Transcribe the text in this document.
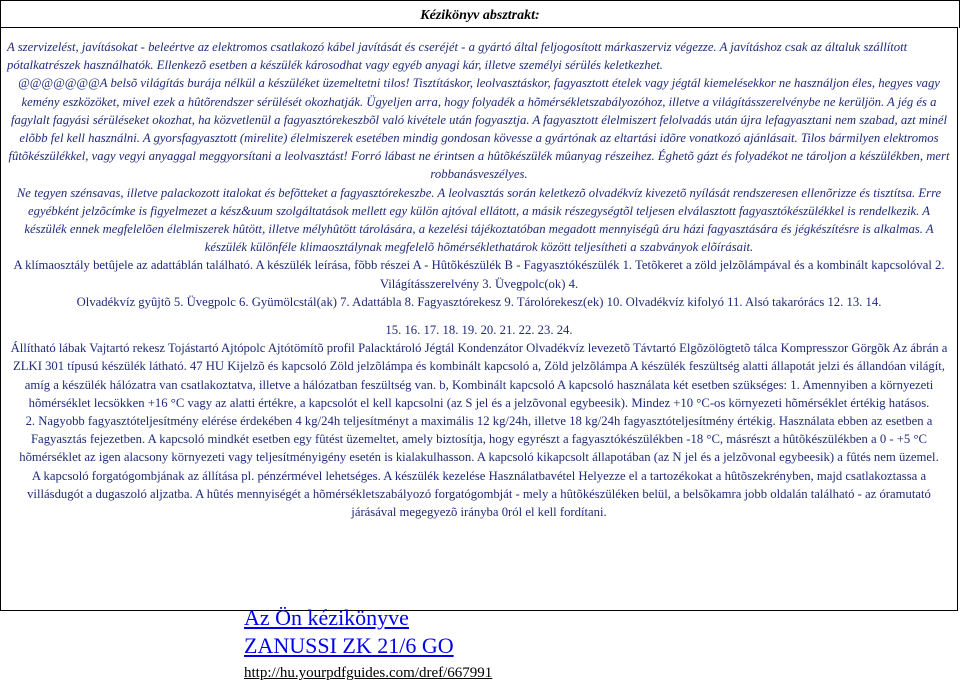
Kézikönyv absztrakt:

A szervizelést, javításokat - beleértve az elektromos csatlakozó kábel javítását és cseréjét - a gyártó által feljogosított márkaszerviz végezze. A javításhoz csak az általuk szállított pótalkatrészek használhatók. Ellenkezõ esetben a készülék károsodhat vagy egyéb anyagi kár, illetve személyi sérülés keletkezhet.

@@@@@@@A belsõ világítás burája nélkül a készüléket üzemeltetni tilos! Tisztításkor, leolvasztáskor, fagyasztott ételek vagy jégtál kiemelésekkor ne használjon éles, hegyes vagy kemény eszközöket, mivel ezek a hûtõrendszer sérülését okozhatják. Ügyeljen arra, hogy folyadék a hõmérsékletszabályozóhoz, illetve a világításszerelvénybe ne kerüljön. A jég és a fagylalt fagyási sérüléseket okozhat, ha közvetlenül a fagyasztórekeszbõl való kivétele után fogyasztja. A fagyasztott élelmiszert felolvadás után újra lefagyasztani nem szabad, azt minél elõbb fel kell használni. A gyorsfagyasztott (mirelite) élelmiszerek esetében mindig gondosan kövesse a gyártónak az eltartási idõre vonatkozó ajánlásait. Tilos bármilyen elektromos fûtõkészülékkel, vagy vegyi anyaggal meggyorsítani a leolvasztást! Forró lábast ne érintsen a hûtõkészülék mûanyag részeihez. Éghetõ gázt és folyadékot ne tároljon a készülékben, mert robbanásveszélyes.

Ne tegyen szénsavas, illetve palackozott italokat és befõtteket a fagyasztórekeszbe. A leolvasztás során keletkezõ olvadékvíz kivezetõ nyílását rendszeresen ellenõrizze és tisztítsa. Erre egyébként jelzõcímke is figyelmezet a kész&uum szolgáltatások mellett egy külön ajtóval ellátott, a másik részegységtõl teljesen elválasztott fagyasztókészülékkel is rendelkezik. A készülék ennek megfelelõen élelmiszerek hûtött, illetve mélyhûtött tárolására, a kezelési tájékoztatóban megadott mennyiségû áru házi fagyasztására és jégkészítésre is alkalmas. A készülék különféle klimaosztálynak megfelelõ hõmérséklethatárok között teljesítheti a szabványok elõírásait.

A klímaosztály betûjele az adattáblán található. A készülék leírása, fõbb részei A - Hûtõkészülék B - Fagyasztókészülék 1. Tetõkeret a zöld jelzõlámpával és a kombinált kapcsolóval 2. Világításszerelvény 3. Üvegpolc(ok) 4.

Olvadékvíz gyûjtõ 5. Üvegpolc 6. Gyümölcstál(ak) 7. Adattábla 8. Fagyasztórekesz 9. Tárolórekesz(ek) 10. Olvadékvíz kifolyó 11. Alsó takarórács 12. 13. 14.

15. 16. 17. 18. 19. 20. 21. 22. 23. 24.

Állítható lábak Vajtartó rekesz Tojástartó Ajtópolc Ajtótömítõ profil Palacktároló Jégtál Kondenzátor Olvadékvíz levezetõ Távtartó Elgõzölögtetõ tálca Kompresszor Görgõk Az ábrán a ZLKI 301 típusú készülék látható. 47 HU Kijelzõ és kapcsoló Zöld jelzõlámpa és kombinált kapcsoló a, Zöld jelzõlámpa A készülék feszültség alatti állapotát jelzi és állandóan világít, amíg a készülék hálózatra van csatlakoztatva, illetve a hálózatban feszültség van. b, Kombinált kapcsoló A kapcsoló használata két esetben szükséges: 1. Amennyiben a környezeti hõmérséklet lecsökken +16 °C vagy az alatti értékre, a kapcsolót el kell kapcsolni (az S jel és a jelzõvonal egybeesik). Mindez +10 °C-os környezeti hõmérséklet értékig hatásos.

2. Nagyobb fagyasztóteljesítmény elérése érdekében 4 kg/24h teljesítményt a maximális 12 kg/24h, illetve 18 kg/24h fagyasztóteljesítmény értékig. Használata ebben az esetben a Fagyasztás fejezetben. A kapcsoló mindkét esetben egy fûtést üzemeltet, amely biztosítja, hogy egyrészt a fagyasztókészülékben -18 °C, másrészt a hûtõkészülékben a 0 - +5 °C hõmérséklet az igen alacsony környezeti vagy teljesítményigény esetén is kialakulhasson. A kapcsoló kikapcsolt állapotában (az N jel és a jelzõvonal egybeesik) a fûtés nem üzemel.

A kapcsoló forgatógombjának az állítása pl. pénzérmével lehetséges. A készülék kezelése Használatbavétel Helyezze el a tartozékokat a hûtõszekrényben, majd csatlakoztassa a villásdugót a dugaszoló aljzatba. A hûtés mennyiségét a hõmérsékletszabályozó forgatógombját - mely a hûtõkészüléken belül, a belsõkamra jobb oldalán található - az óramutató járásával megegyezõ irányba 0ról el kell fordítani.

Az Ön kézikönyve
ZANUSSI ZK 21/6 GO
http://hu.yourpdfguides.com/dref/667991
